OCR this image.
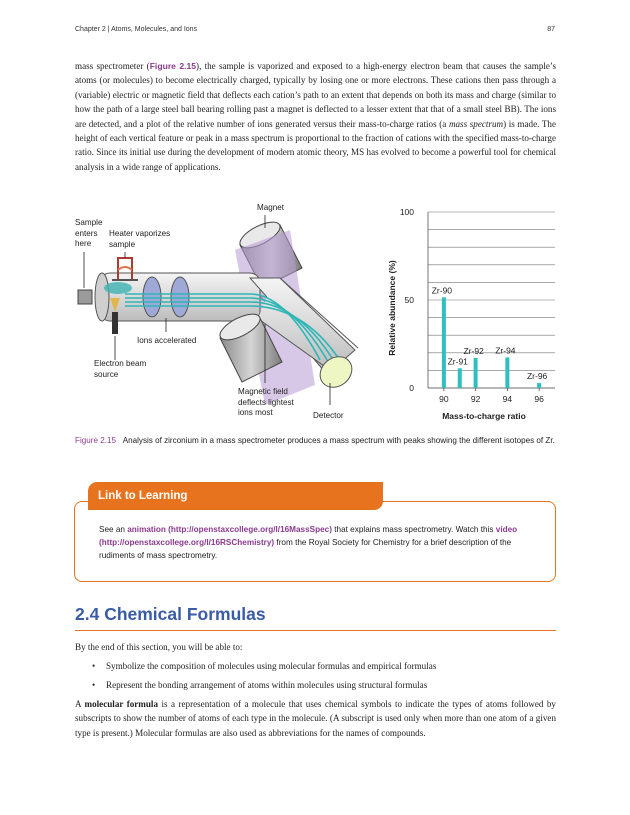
Chapter 2 | Atoms, Molecules, and Ions	87

mass spectrometer (Figure 2.15), the sample is vaporized and exposed to a high-energy electron beam that causes the sample’s atoms (or molecules) to become electrically charged, typically by losing one or more electrons. These cations then pass through a (variable) electric or magnetic field that deflects each cation’s path to an extent that depends on both its mass and charge (similar to how the path of a large steel ball bearing rolling past a magnet is deflected to a lesser extent that that of a small steel BB). The ions are detected, and a plot of the relative number of ions generated versus their mass-to-charge ratios (a mass spectrum) is made. The height of each vertical feature or peak in a mass spectrum is proportional to the fraction of cations with the specified mass-to-charge ratio. Since its initial use during the development of modern atomic theory, MS has evolved to become a powerful tool for chemical analysis in a wide range of applications.

Magnet
Sample
enters
here
Heater vaporizes
sample
Ions accelerated
Electron beam
source
Magnetic field
deflects lightest
ions most	Detector
0
50
100
90	92	94	96
Zr-90
Zr-91
Zr-92 Zr-94
Zr-96
Relative abundance (%)
Mass-to-charge ratio

Figure 2.15 Analysis of zirconium in a mass spectrometer produces a mass spectrum with peaks showing the different isotopes of Zr.

Link to Learning

See an animation (http://openstaxcollege.org/l/16MassSpec) that explains mass spectrometry. Watch this video (http://openstaxcollege.org/l/16RSChemistry) from the Royal Society for Chemistry for a brief description of the rudiments of mass spectrometry.

2.4 Chemical Formulas

By the end of this section, you will be able to:

• Symbolize the composition of molecules using molecular formulas and empirical formulas
• Represent the bonding arrangement of atoms within molecules using structural formulas

A molecular formula is a representation of a molecule that uses chemical symbols to indicate the types of atoms followed by subscripts to show the number of atoms of each type in the molecule. (A subscript is used only when more than one atom of a given type is present.) Molecular formulas are also used as abbreviations for the names of compounds.
